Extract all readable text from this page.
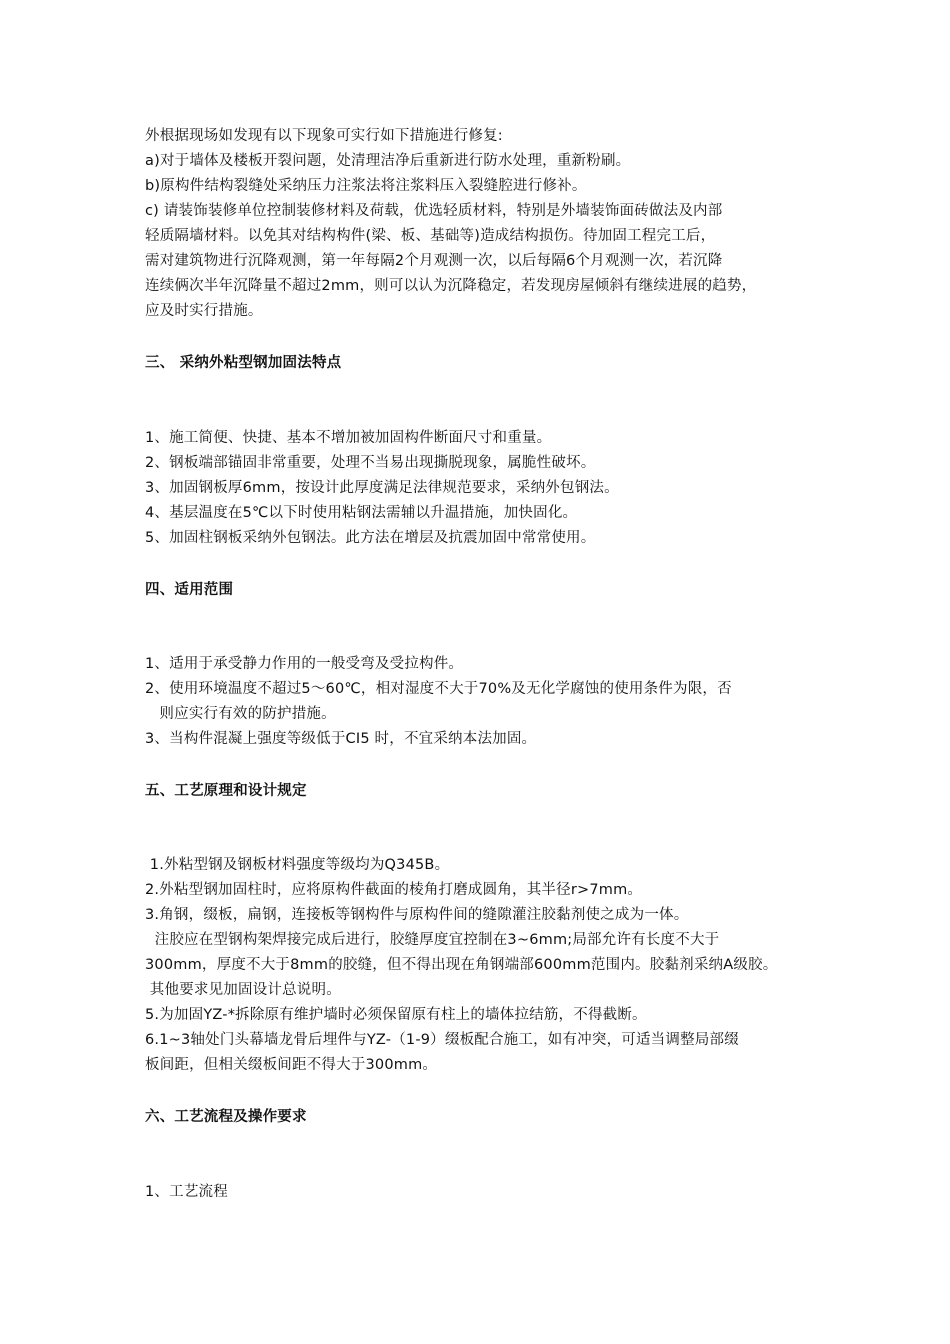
外根据现场如发现有以下现象可实行如下措施进行修复:
a)对于墙体及楼板开裂问题，处清理洁净后重新进行防水处理，重新粉刷。
b)原构件结构裂缝处采纳压力注浆法将注浆料压入裂缝腔进行修补。
c) 请装饰装修单位控制装修材料及荷载，优选轻质材料，特别是外墙装饰面砖做法及内部
轻质隔墙材料。以免其对结构构件(梁、板、基础等)造成结构损伤。待加固工程完工后，
需对建筑物进行沉降观测，第一年每隔2个月观测一次，以后每隔6个月观测一次，若沉降
连续俩次半年沉降量不超过2mm，则可以认为沉降稳定，若发现房屋倾斜有继续进展的趋势，
应及时实行措施。
三、 采纳外粘型钢加固法特点
1、施工简便、快捷、基本不增加被加固构件断面尺寸和重量。
2、钢板端部锚固非常重要，处理不当易出现撕脱现象，属脆性破坏。
3、加固钢板厚6mm，按设计此厚度满足法律规范要求，采纳外包钢法。
4、基层温度在5℃以下时使用粘钢法需辅以升温措施，加快固化。
5、加固柱钢板采纳外包钢法。此方法在增层及抗震加固中常常使用。
四、适用范围
1、适用于承受静力作用的一般受弯及受拉构件。
2、使用环境温度不超过5～60℃，相对湿度不大于70%及无化学腐蚀的使用条件为限，否
则应实行有效的防护措施。
3、当构件混凝上强度等级低于CI5 时，不宜采纳本法加固。
五、工艺原理和设计规定
1.外粘型钢及钢板材料强度等级均为Q345B。
2.外粘型钢加固柱时，应将原构件截面的棱角打磨成圆角，其半径r>7mm。
3.角钢，缀板，扁钢，连接板等钢构件与原构件间的缝隙灌注胶黏剂使之成为一体。
注胶应在型钢构架焊接完成后进行，胶缝厚度宜控制在3~6mm;局部允许有长度不大于
300mm，厚度不大于8mm的胶缝，但不得出现在角钢端部600mm范围内。胶黏剂采纳A级胶。
其他要求见加固设计总说明。
5.为加固YZ-*拆除原有维护墙时必须保留原有柱上的墙体拉结筋，不得截断。
6.1~3轴处门头幕墙龙骨后埋件与YZ-（1-9）缀板配合施工，如有冲突，可适当调整局部缀
板间距，但相关缀板间距不得大于300mm。
六、工艺流程及操作要求
1、工艺流程
